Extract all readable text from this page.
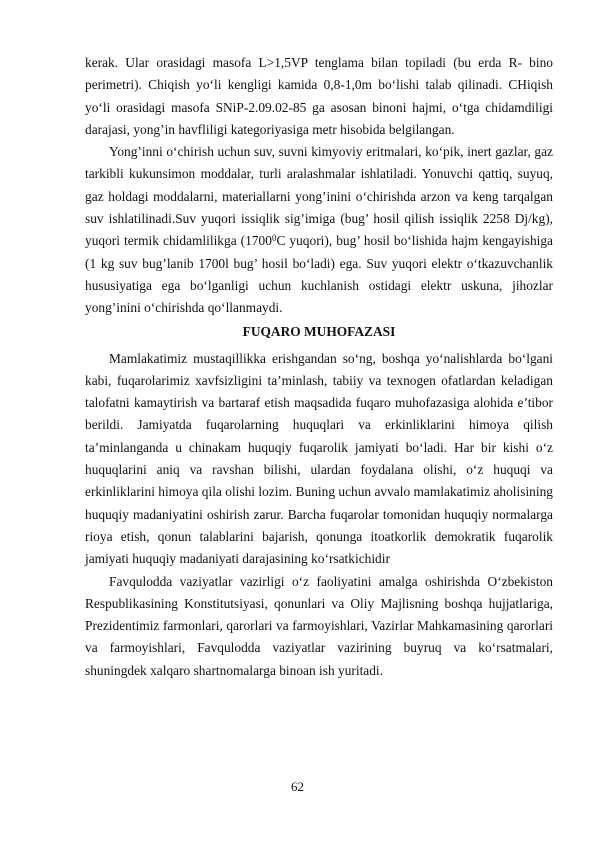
kerak. Ular orasidagi masofa L>1,5VP tenglama bilan topiladi (bu erda R- bino perimetri). Chiqish yo‘li kengligi kamida 0,8-1,0m bo‘lishi talab qilinadi. CHiqish yo‘li orasidagi masofa SNiP-2.09.02-85 ga asosan binoni hajmi, o‘tga chidamdiligi darajasi, yong’in havfliligi kategoriyasiga metr hisobida belgilangan.

Yong’inni o‘chirish uchun suv, suvni kimyoviy eritmalari, ko‘pik, inert gazlar, gaz tarkibli kukunsimon moddalar, turli aralashmalar ishlatiladi. Yonuvchi qattiq, suyuq, gaz holdagi moddalarni, materiallarni yong’inini o‘chirishda arzon va keng tarqalgan suv ishlatilinadi.Suv yuqori issiqlik sig’imiga (bug’ hosil qilish issiqlik 2258 Dj/kg), yuqori termik chidamlilikga (1700$^0$C yuqori), bug’ hosil bo‘lishida hajm kengayishiga (1 kg suv bug’lanib 1700l bug’ hosil bo‘ladi) ega. Suv yuqori elektr o‘tkazuvchanlik hususiyatiga ega bo‘lganligi uchun kuchlanish ostidagi elektr uskuna, jihozlar yong’inini o‘chirishda qo‘llanmaydi.

FUQARO MUHOFAZASI

Mamlakatimiz mustaqillikka erishgandan so‘ng, boshqa yo‘nalishlarda bo‘lgani kabi, fuqarolarimiz xavfsizligini ta’minlash, tabiiy va texnogen ofatlardan keladigan talofatni kamaytirish va bartaraf etish maqsadida fuqaro muhofazasiga alohida e’tibor berildi. Jamiyatda fuqarolarning huquqlari va erkinliklarini himoya qilish ta’minlanganda u chinakam huquqiy fuqarolik jamiyati bo‘ladi. Har bir kishi o‘z huquqlarini aniq va ravshan bilishi, ulardan foydalana olishi, o‘z huquqi va erkinliklarini himoya qila olishi lozim. Buning uchun avvalo mamlakatimiz aholisining huquqiy madaniyatini oshirish zarur. Barcha fuqarolar tomonidan huquqiy normalarga rioya etish, qonun talablarini bajarish, qonunga itoatkorlik demokratik fuqarolik jamiyati huquqiy madaniyati darajasining ko‘rsatkichidir

Favqulodda vaziyatlar vazirligi o‘z faoliyatini amalga oshirishda O‘zbekiston Respublikasining Konstitutsiyasi, qonunlari va Oliy Majlisning boshqa hujjatlariga, Prezidentimiz farmonlari, qarorlari va farmoyishlari, Vazirlar Mahkamasining qarorlari va farmoyishlari, Favqulodda vaziyatlar vazirining buyruq va ko‘rsatmalari, shuningdek xalqaro shartnomalarga binoan ish yuritadi.

62
